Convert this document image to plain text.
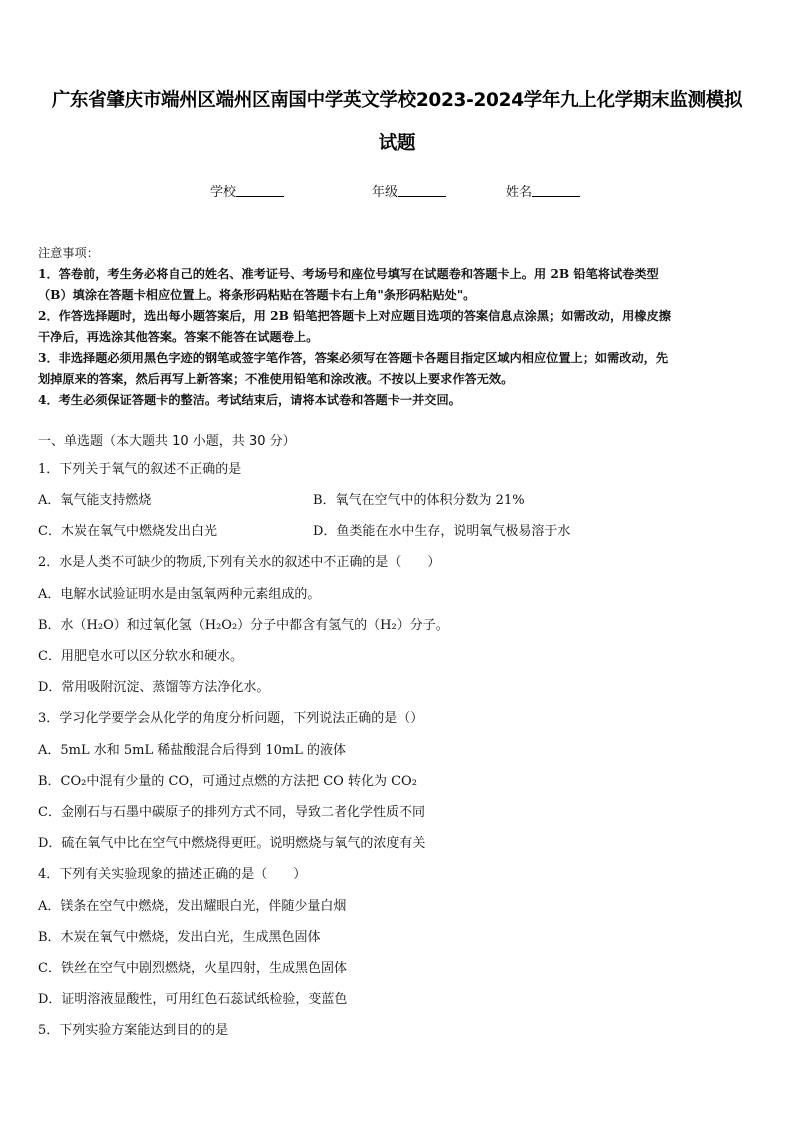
广东省肇庆市端州区端州区南国中学英文学校2023-2024学年九上化学期末监测模拟
试题
学校	年级	姓名

注意事项：

1．答卷前，考生务必将自己的姓名、准考证号、考场号和座位号填写在试题卷和答题卡上。用 2B 铅笔将试卷类型

（B）填涂在答题卡相应位置上。将条形码粘贴在答题卡右上角"条形码粘贴处"。

2．作答选择题时，选出每小题答案后，用 2B 铅笔把答题卡上对应题目选项的答案信息点涂黑；如需改动，用橡皮擦

干净后，再选涂其他答案。答案不能答在试题卷上。

3．非选择题必须用黑色字迹的钢笔或签字笔作答，答案必须写在答题卡各题目指定区域内相应位置上；如需改动，先

划掉原来的答案，然后再写上新答案；不准使用铅笔和涂改液。不按以上要求作答无效。

4．考生必须保证答题卡的整洁。考试结束后，请将本试卷和答题卡一并交回。

一、单选题（本大题共 10 小题，共 30 分）
1．下列关于氧气的叙述不正确的是
A．氧气能支持燃烧	B．氧气在空气中的体积分数为 21%
C．木炭在氧气中燃烧发出白光	D．鱼类能在水中生存，说明氧气极易溶于水
2．水是人类不可缺少的物质,下列有关水的叙述中不正确的是（　　）
A．电解水试验证明水是由氢氧两种元素组成的。
B．水（H₂O）和过氧化氢（H₂O₂）分子中都含有氢气的（H₂）分子。
C．用肥皂水可以区分软水和硬水。
D．常用吸附沉淀、蒸馏等方法净化水。
3．学习化学要学会从化学的角度分析问题，下列说法正确的是（）
A．5mL 水和 5mL 稀盐酸混合后得到 10mL 的液体
B．CO₂中混有少量的 CO，可通过点燃的方法把 CO 转化为 CO₂
C．金刚石与石墨中碳原子的排列方式不同，导致二者化学性质不同
D．硫在氧气中比在空气中燃烧得更旺。说明燃烧与氧气的浓度有关
4．下列有关实验现象的描述正确的是（　　）
A．镁条在空气中燃烧，发出耀眼白光，伴随少量白烟
B．木炭在氧气中燃烧，发出白光，生成黑色固体
C．铁丝在空气中剧烈燃烧，火星四射，生成黑色固体
D．证明溶液显酸性，可用红色石蕊试纸检验，变蓝色
5．下列实验方案能达到目的的是
